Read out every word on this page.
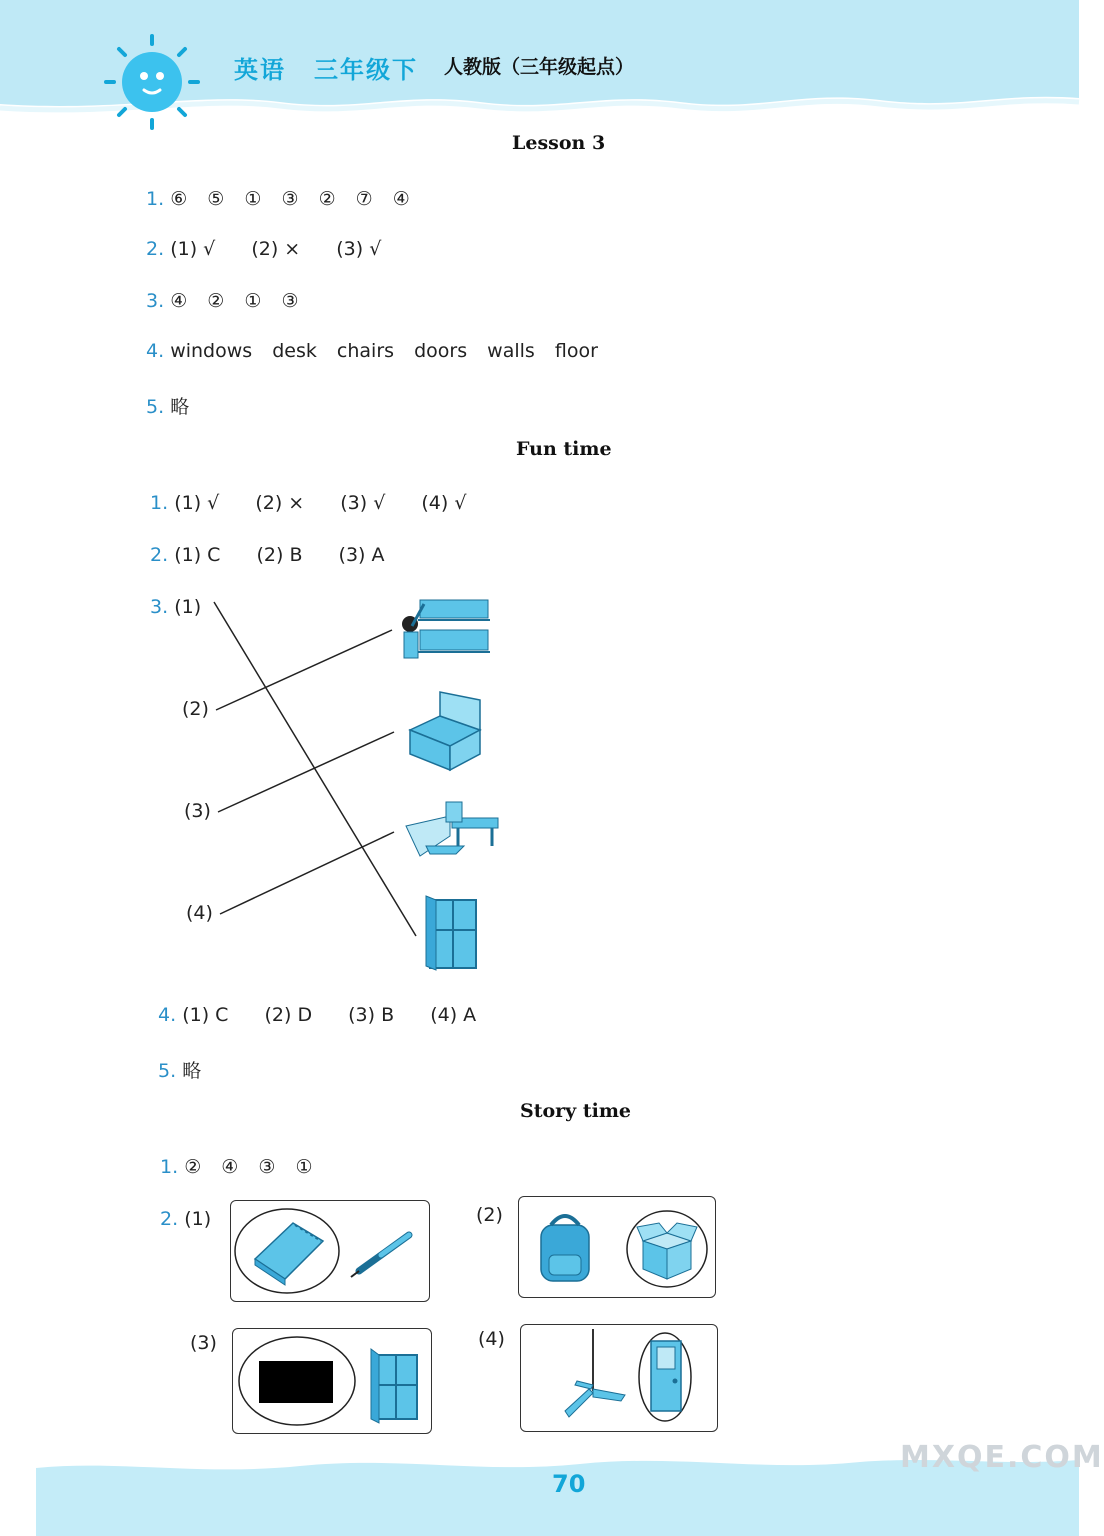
英语 三年级下 人教版（三年级起点）
Lesson 3
1. ⑥ ⑤ ① ③ ② ⑦ ④
2. (1) √ (2) × (3) √
3. ④ ② ① ③
4. windows desk chairs doors walls floor
5. 略
Fun time
1. (1) √ (2) × (3) √ (4) √
2. (1) C (2) B (3) A
3. (1)
(2)
(3)
(4)
4. (1) C (2) D (3) B (4) A
5. 略
Story time
1. ② ④ ③ ①
2. (1)	(2)
(3)	(4)
70
MXQE.COM
